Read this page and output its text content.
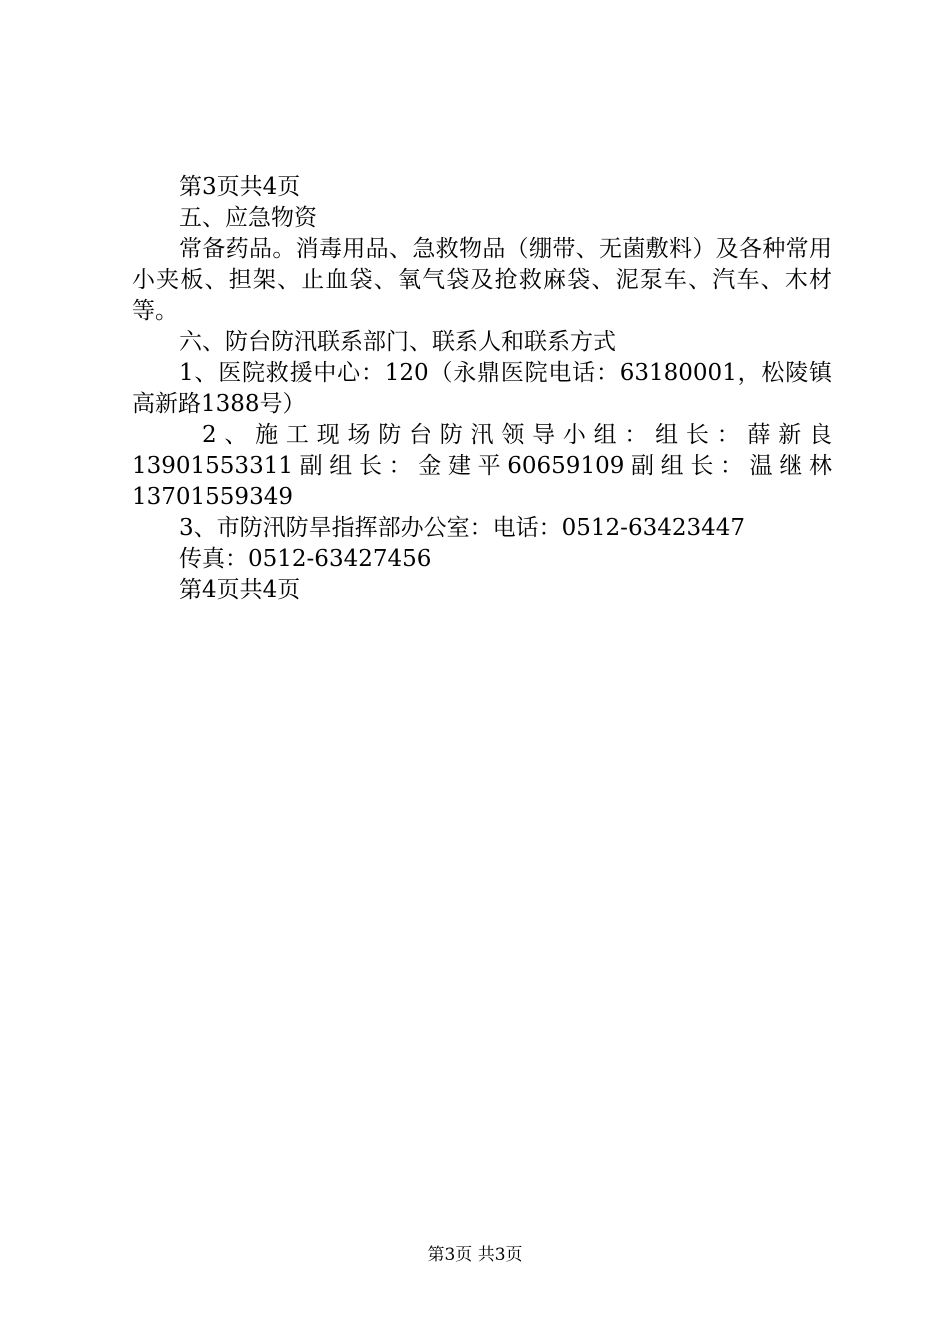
第3页共4页
五、应急物资
常备药品。消毒用品、急救物品（绷带、无菌敷料）及各种常用小夹板、担架、止血袋、氧气袋及抢救麻袋、泥泵车、汽车、木材等。
六、防台防汛联系部门、联系人和联系方式
1、医院救援中心：120（永鼎医院电话：63180001，松陵镇高新路1388号）
2、施工现场防台防汛领导小组：组长：薛新良13901553311副组长：金建平60659109副组长：温继林13701559349
3、市防汛防旱指挥部办公室：电话：0512-63423447
传真：0512-63427456
第4页共4页
第3页 共3页
